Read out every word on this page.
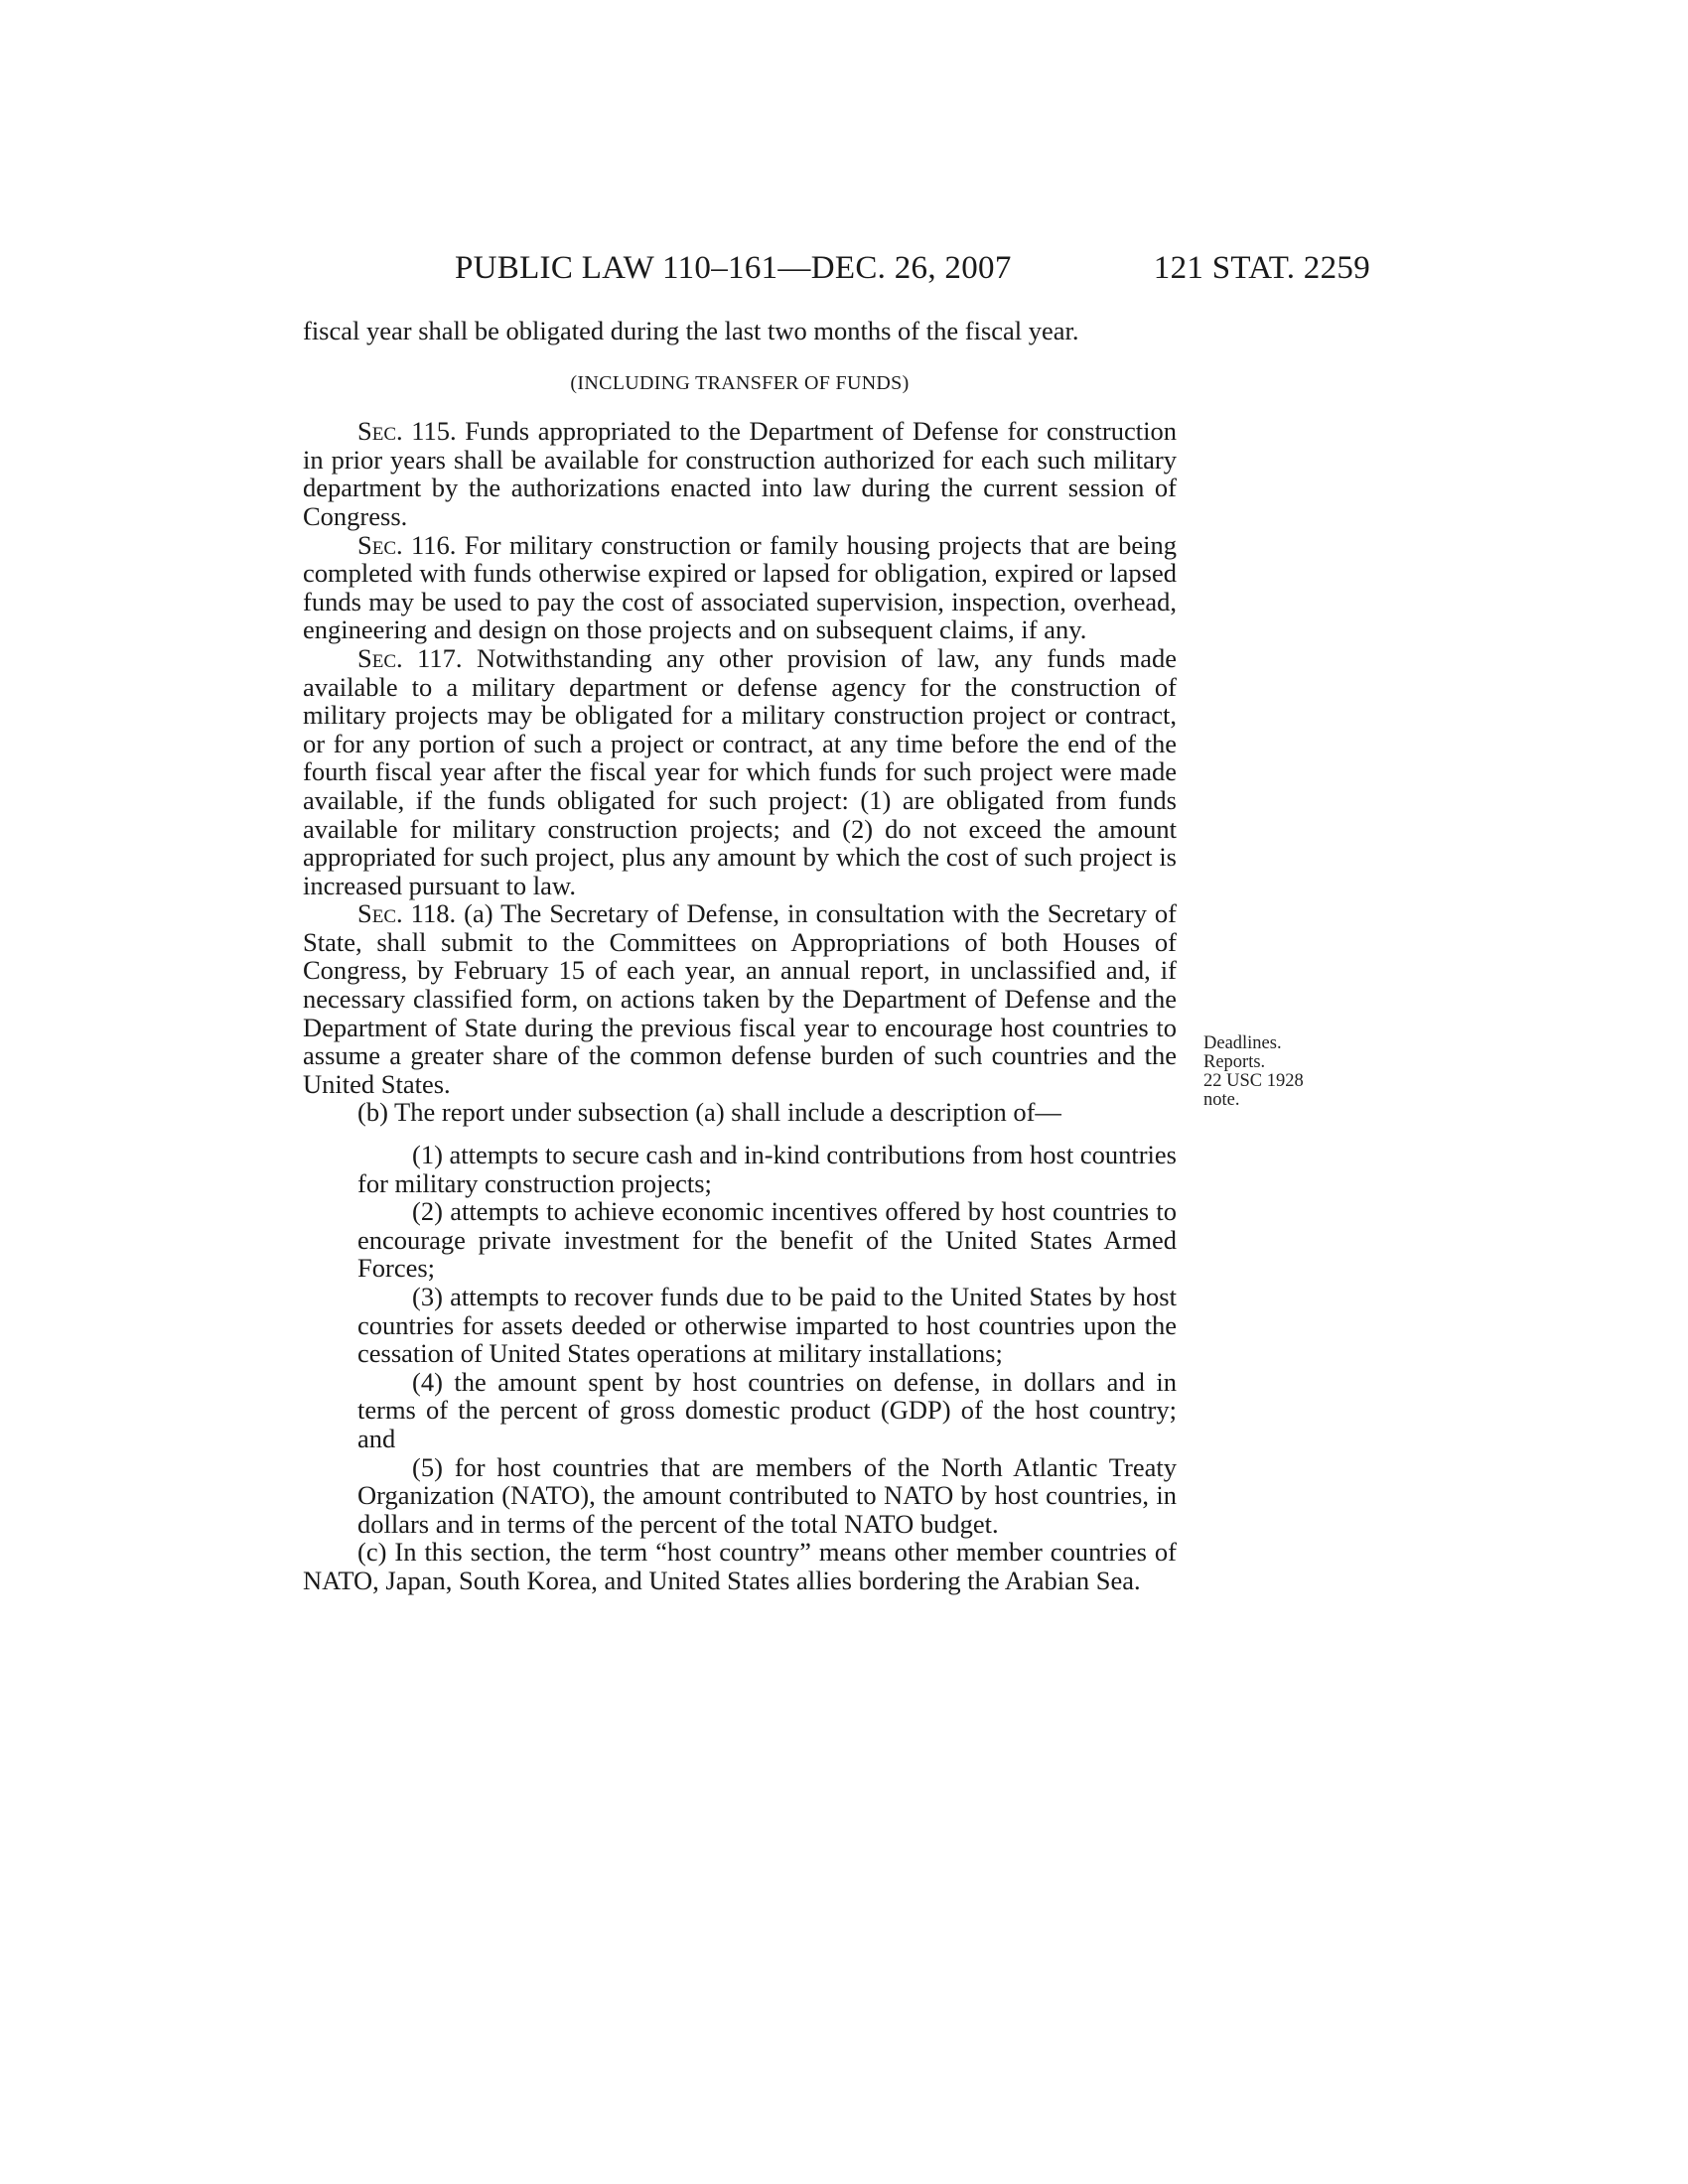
PUBLIC LAW 110–161—DEC. 26, 2007	121 STAT. 2259

fiscal year shall be obligated during the last two months of the fiscal year.

(INCLUDING TRANSFER OF FUNDS)

Sec. 115. Funds appropriated to the Department of Defense for construction in prior years shall be available for construction authorized for each such military department by the authorizations enacted into law during the current session of Congress.

Sec. 116. For military construction or family housing projects that are being completed with funds otherwise expired or lapsed for obligation, expired or lapsed funds may be used to pay the cost of associated supervision, inspection, overhead, engineering and design on those projects and on subsequent claims, if any.

Sec. 117. Notwithstanding any other provision of law, any funds made available to a military department or defense agency for the construction of military projects may be obligated for a military construction project or contract, or for any portion of such a project or contract, at any time before the end of the fourth fiscal year after the fiscal year for which funds for such project were made available, if the funds obligated for such project: (1) are obligated from funds available for military construction projects; and (2) do not exceed the amount appropriated for such project, plus any amount by which the cost of such project is increased pursuant to law.

Sec. 118. (a) The Secretary of Defense, in consultation with the Secretary of State, shall submit to the Committees on Appropriations of both Houses of Congress, by February 15 of each year, an annual report, in unclassified and, if necessary classified form, on actions taken by the Department of Defense and the Department of State during the previous fiscal year to encourage host countries to assume a greater share of the common defense burden of such countries and the United States.

(b) The report under subsection (a) shall include a description of—

(1) attempts to secure cash and in-kind contributions from host countries for military construction projects;

(2) attempts to achieve economic incentives offered by host countries to encourage private investment for the benefit of the United States Armed Forces;

(3) attempts to recover funds due to be paid to the United States by host countries for assets deeded or otherwise imparted to host countries upon the cessation of United States operations at military installations;

(4) the amount spent by host countries on defense, in dollars and in terms of the percent of gross domestic product (GDP) of the host country; and

(5) for host countries that are members of the North Atlantic Treaty Organization (NATO), the amount contributed to NATO by host countries, in dollars and in terms of the percent of the total NATO budget.

(c) In this section, the term “host country” means other member countries of NATO, Japan, South Korea, and United States allies bordering the Arabian Sea.

Deadlines.
Reports.
22 USC 1928
note.
